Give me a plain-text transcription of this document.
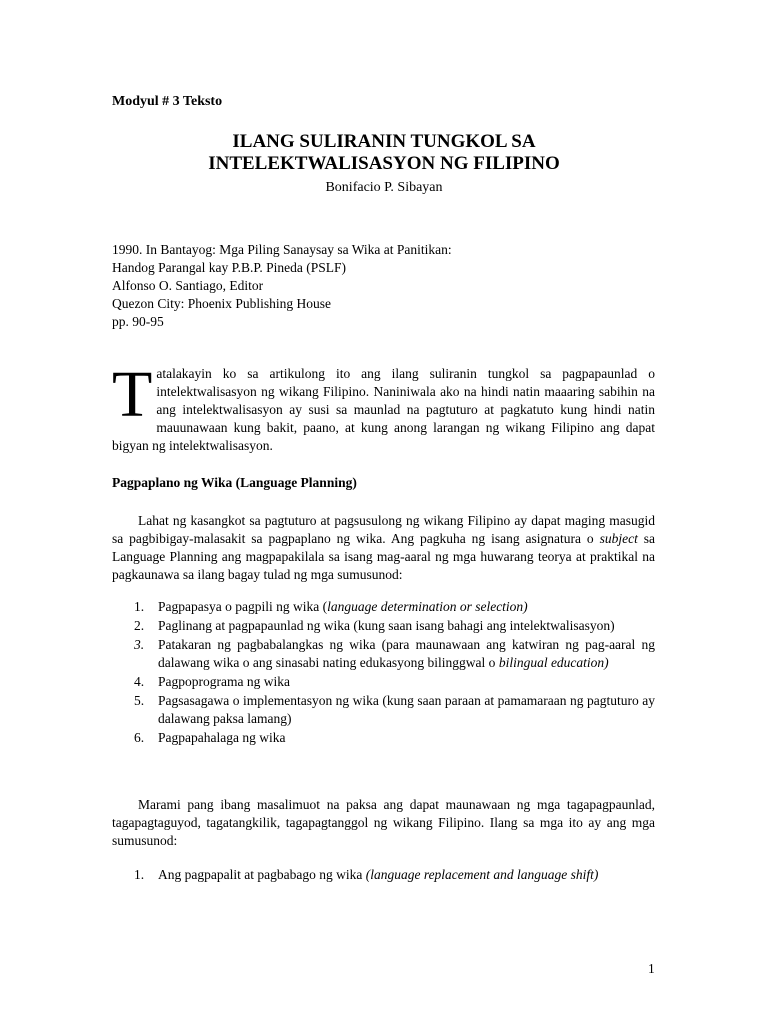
Modyul # 3 Teksto
ILANG SULIRANIN TUNGKOL SA
INTELEKTWALISASYON NG FILIPINO
Bonifacio P. Sibayan
1990. In Bantayog: Mga Piling Sanaysay sa Wika at Panitikan:
Handog Parangal kay P.B.P. Pineda (PSLF)
Alfonso O. Santiago, Editor
Quezon City: Phoenix Publishing House
pp. 90-95
Tatalakayin ko sa artikulong ito ang ilang suliranin tungkol sa pagpapaunlad o intelektwalisasyon ng wikang Filipino. Naniniwala ako na hindi natin maaaring sabihin na ang intelektwalisasyon ay susi sa maunlad na pagtuturo at pagkatuto kung hindi natin mauunawaan kung bakit, paano, at kung anong larangan ng wikang Filipino ang dapat bigyan ng intelektwalisasyon.
Pagpaplano ng Wika (Language Planning)
Lahat ng kasangkot sa pagtuturo at pagsusulong ng wikang Filipino ay dapat maging masugid sa pagbibigay-malasakit sa pagpaplano ng wika. Ang pagkuha ng isang asignatura o subject sa Language Planning ang magpapakilala sa isang mag-aaral ng mga huwarang teorya at praktikal na pagkaunawa sa ilang bagay tulad ng mga sumusunod:
1. Pagpapasya o pagpili ng wika (language determination or selection)
2. Paglinang at pagpapaunlad ng wika (kung saan isang bahagi ang intelektwalisasyon)
3. Patakaran ng pagbabalangkas ng wika (para maunawaan ang katwiran ng pag-aaral ng dalawang wika o ang sinasabi nating edukasyong bilinggwal o bilingual education)
4. Pagpoprograma ng wika
5. Pagsasagawa o implementasyon ng wika (kung saan paraan at pamamaraan ng pagtuturo ay dalawang paksa lamang)
6. Pagpapahalaga ng wika
Marami pang ibang masalimuot na paksa ang dapat maunawaan ng mga tagapagpaunlad, tagapagtaguyod, tagatangkilik, tagapagtanggol ng wikang Filipino. Ilang sa mga ito ay ang mga sumusunod:
1. Ang pagpapalit at pagbabago ng wika (language replacement and language shift)
1
